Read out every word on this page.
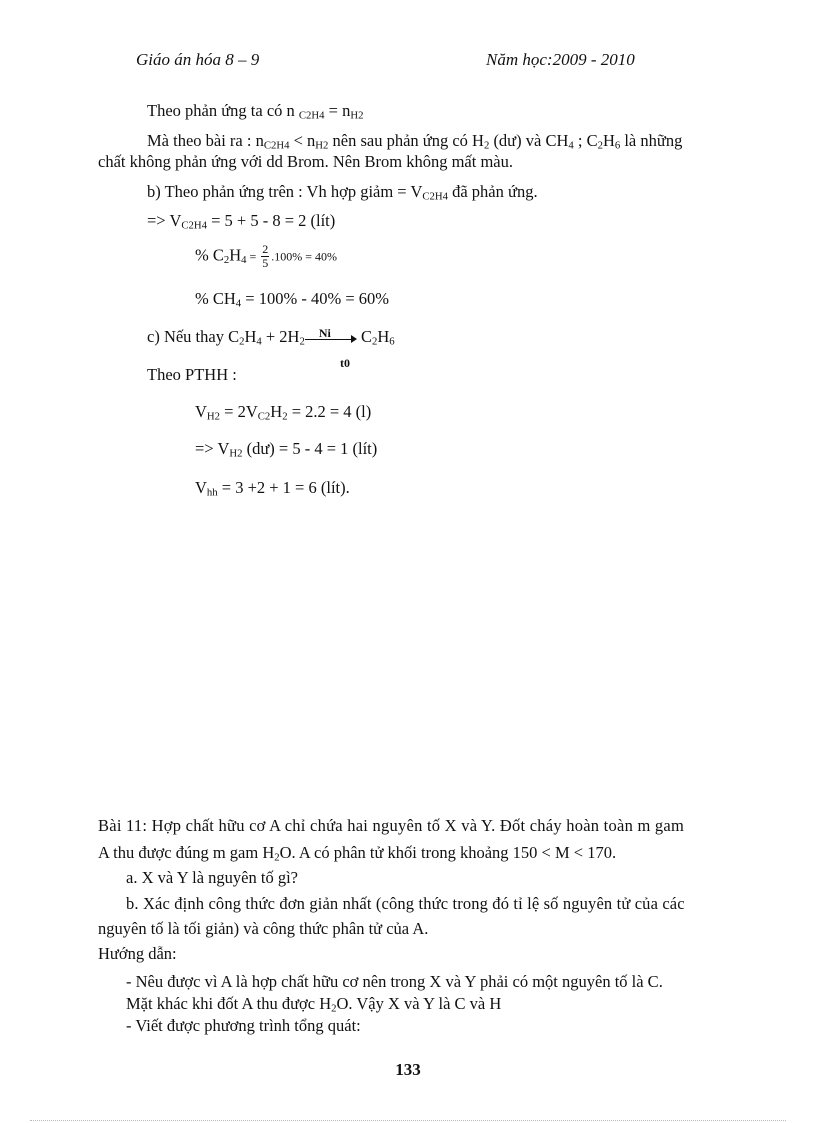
Giáo án hóa 8 – 9	Năm học:2009 - 2010
Theo phản ứng ta có n $_{C2H4} = n_{H2}$
Mà theo bài ra : $n_{C2H4} < n_{H2}$ nên sau phản ứng có $H_2$ (dư) và $CH_4$ ; $C_2H_6$ là những
chất không phản ứng với dd Brom. Nên Brom không mất màu.
b) Theo phản ứng trên : Vh hợp giảm = $V_{C2H4}$ đã phản ứng.
=> $V_{C2H4} = 5 + 5 - 8 = 2$ (lít)
% $C_2H_4 = \frac{2}{5} .100\% = 40\%$
% $CH_4 = 100\% - 40\% = 60\%$
c) Nếu thay $C_2H_4 + 2H_2$
Ni $C_2H_6$
t0
Theo PTHH :
$V_{H2} = 2V_{C2}H_2 = 2.2 = 4$ (l)
=> $V_{H2}$ (dư) = 5 - 4 = 1 (lít)
$V_{hh} = 3 +2 + 1 = 6$ (lít).
Bài 11: Hợp chất hữu cơ A chỉ chứa hai nguyên tố X và Y. Đốt cháy hoàn toàn m gam
A thu được đúng m gam $H_2O$. A có phân tử khối trong khoảng 150 < M < 170.
a. X và Y là nguyên tố gì?
b. Xác định công thức đơn giản nhất (công thức trong đó tỉ lệ số nguyên tử của các
nguyên tố là tối giản) và công thức phân tử của A.
Hướng dẫn:
- Nêu được vì A là hợp chất hữu cơ nên trong X và Y phải có một nguyên tố là C.
Mặt khác khi đốt A thu được $H_2O$. Vậy X và Y là C và H
- Viết được phương trình tổng quát:
133
